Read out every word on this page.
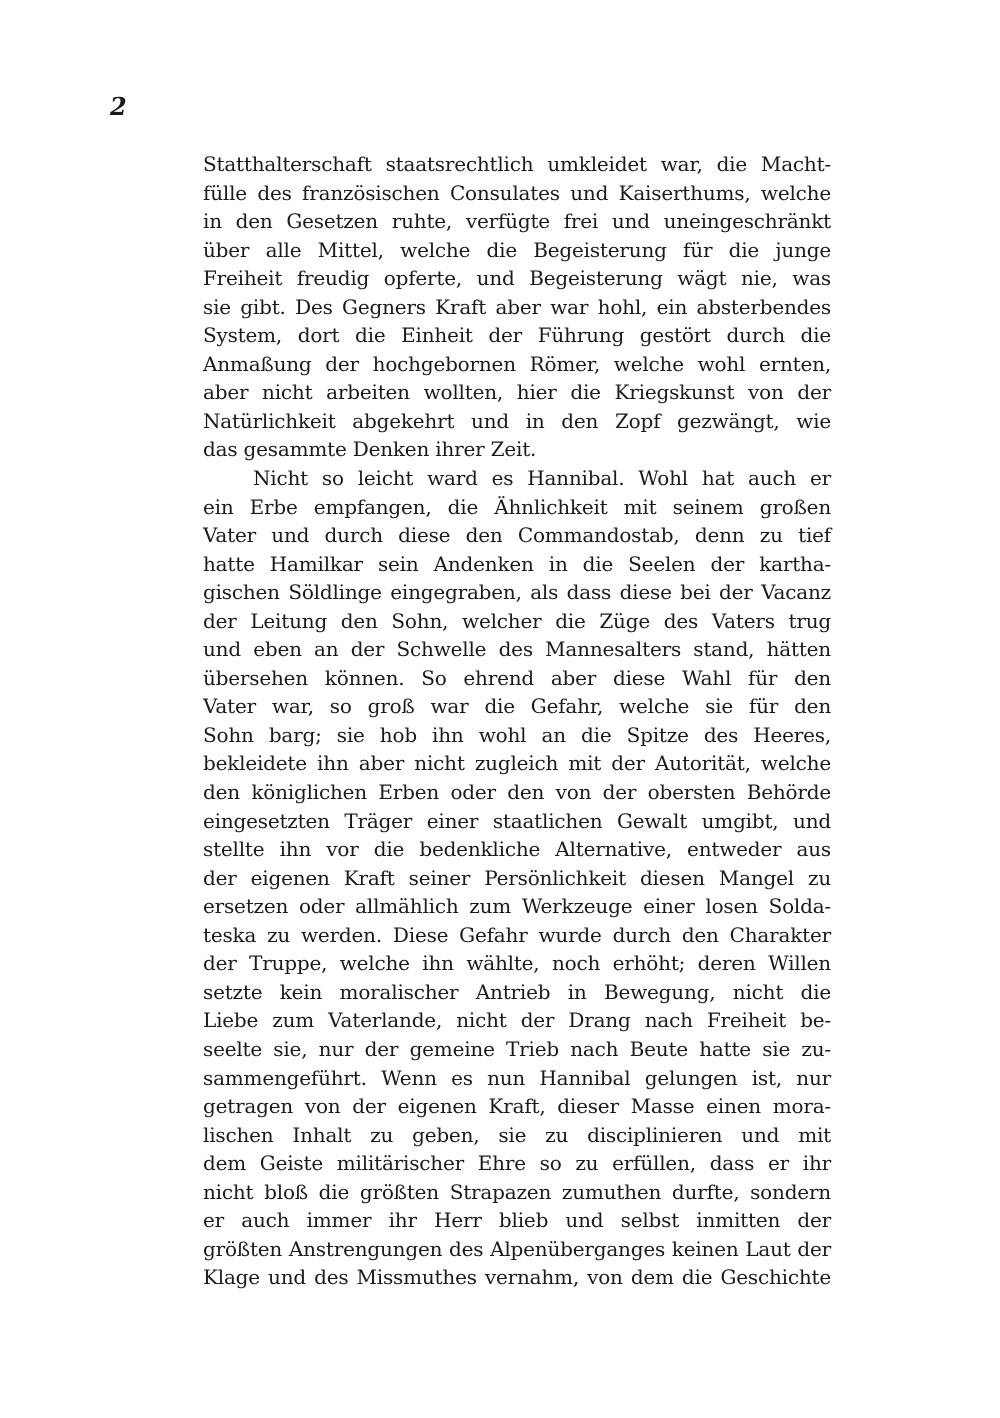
2
Statthalterschaft staatsrechtlich umkleidet war, die Macht-
fülle des französischen Consulates und Kaiserthums, welche
in den Gesetzen ruhte, verfügte frei und uneingeschränkt
über alle Mittel, welche die Begeisterung für die junge
Freiheit freudig opferte, und Begeisterung wägt nie, was
sie gibt. Des Gegners Kraft aber war hohl, ein absterbendes
System, dort die Einheit der Führung gestört durch die
Anmaßung der hochgebornen Römer, welche wohl ernten,
aber nicht arbeiten wollten, hier die Kriegskunst von der
Natürlichkeit abgekehrt und in den Zopf gezwängt, wie
das gesammte Denken ihrer Zeit.
Nicht so leicht ward es Hannibal. Wohl hat auch er
ein Erbe empfangen, die Ähnlichkeit mit seinem großen
Vater und durch diese den Commandostab, denn zu tief
hatte Hamilkar sein Andenken in die Seelen der kartha-
gischen Söldlinge eingegraben, als dass diese bei der Vacanz
der Leitung den Sohn, welcher die Züge des Vaters trug
und eben an der Schwelle des Mannesalters stand, hätten
übersehen können. So ehrend aber diese Wahl für den
Vater war, so groß war die Gefahr, welche sie für den
Sohn barg; sie hob ihn wohl an die Spitze des Heeres,
bekleidete ihn aber nicht zugleich mit der Autorität, welche
den königlichen Erben oder den von der obersten Behörde
eingesetzten Träger einer staatlichen Gewalt umgibt, und
stellte ihn vor die bedenkliche Alternative, entweder aus
der eigenen Kraft seiner Persönlichkeit diesen Mangel zu
ersetzen oder allmählich zum Werkzeuge einer losen Solda-
teska zu werden. Diese Gefahr wurde durch den Charakter
der Truppe, welche ihn wählte, noch erhöht; deren Willen
setzte kein moralischer Antrieb in Bewegung, nicht die
Liebe zum Vaterlande, nicht der Drang nach Freiheit be-
seelte sie, nur der gemeine Trieb nach Beute hatte sie zu-
sammengeführt. Wenn es nun Hannibal gelungen ist, nur
getragen von der eigenen Kraft, dieser Masse einen mora-
lischen Inhalt zu geben, sie zu disciplinieren und mit
dem Geiste militärischer Ehre so zu erfüllen, dass er ihr
nicht bloß die größten Strapazen zumuthen durfte, sondern
er auch immer ihr Herr blieb und selbst inmitten der
größten Anstrengungen des Alpenüberganges keinen Laut der
Klage und des Missmuthes vernahm, von dem die Geschichte
